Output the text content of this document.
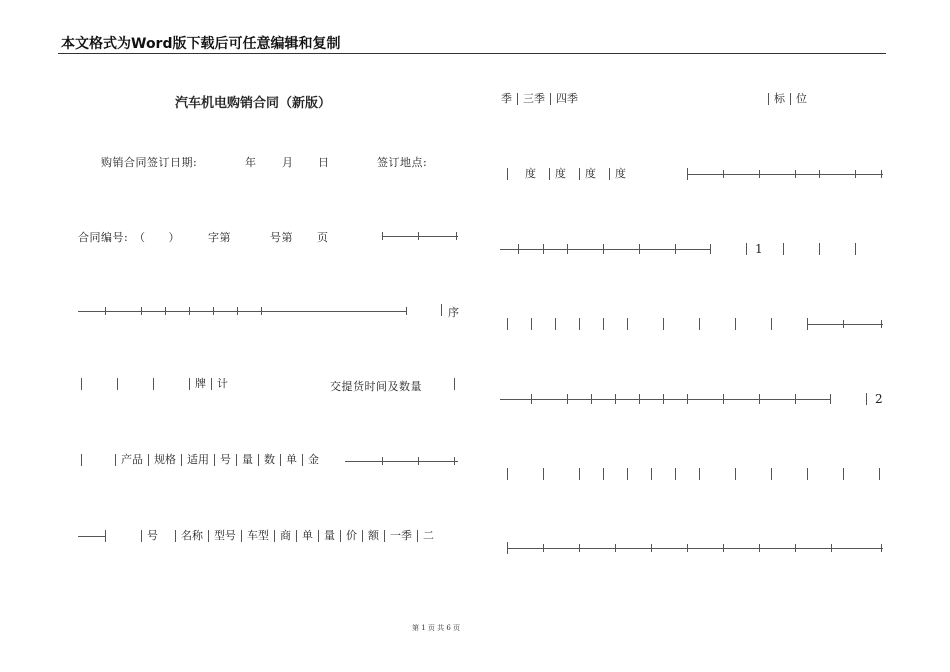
本文格式为Word版下载后可任意编辑和复制
汽车机电购销合同（新版）
购销合同签订日期:	年 月 日	签订地点:
合同编号: （　　）	字第	号第 页
序
牌	计	交提货时间及数量
产品	规格	适用	号	量	数	单	金
号	名称	型号	车型	商	单	量	价	额	一季	二
季	三季	四季	标	位
度	度	度	度
1
2
第 1 页 共 6 页
